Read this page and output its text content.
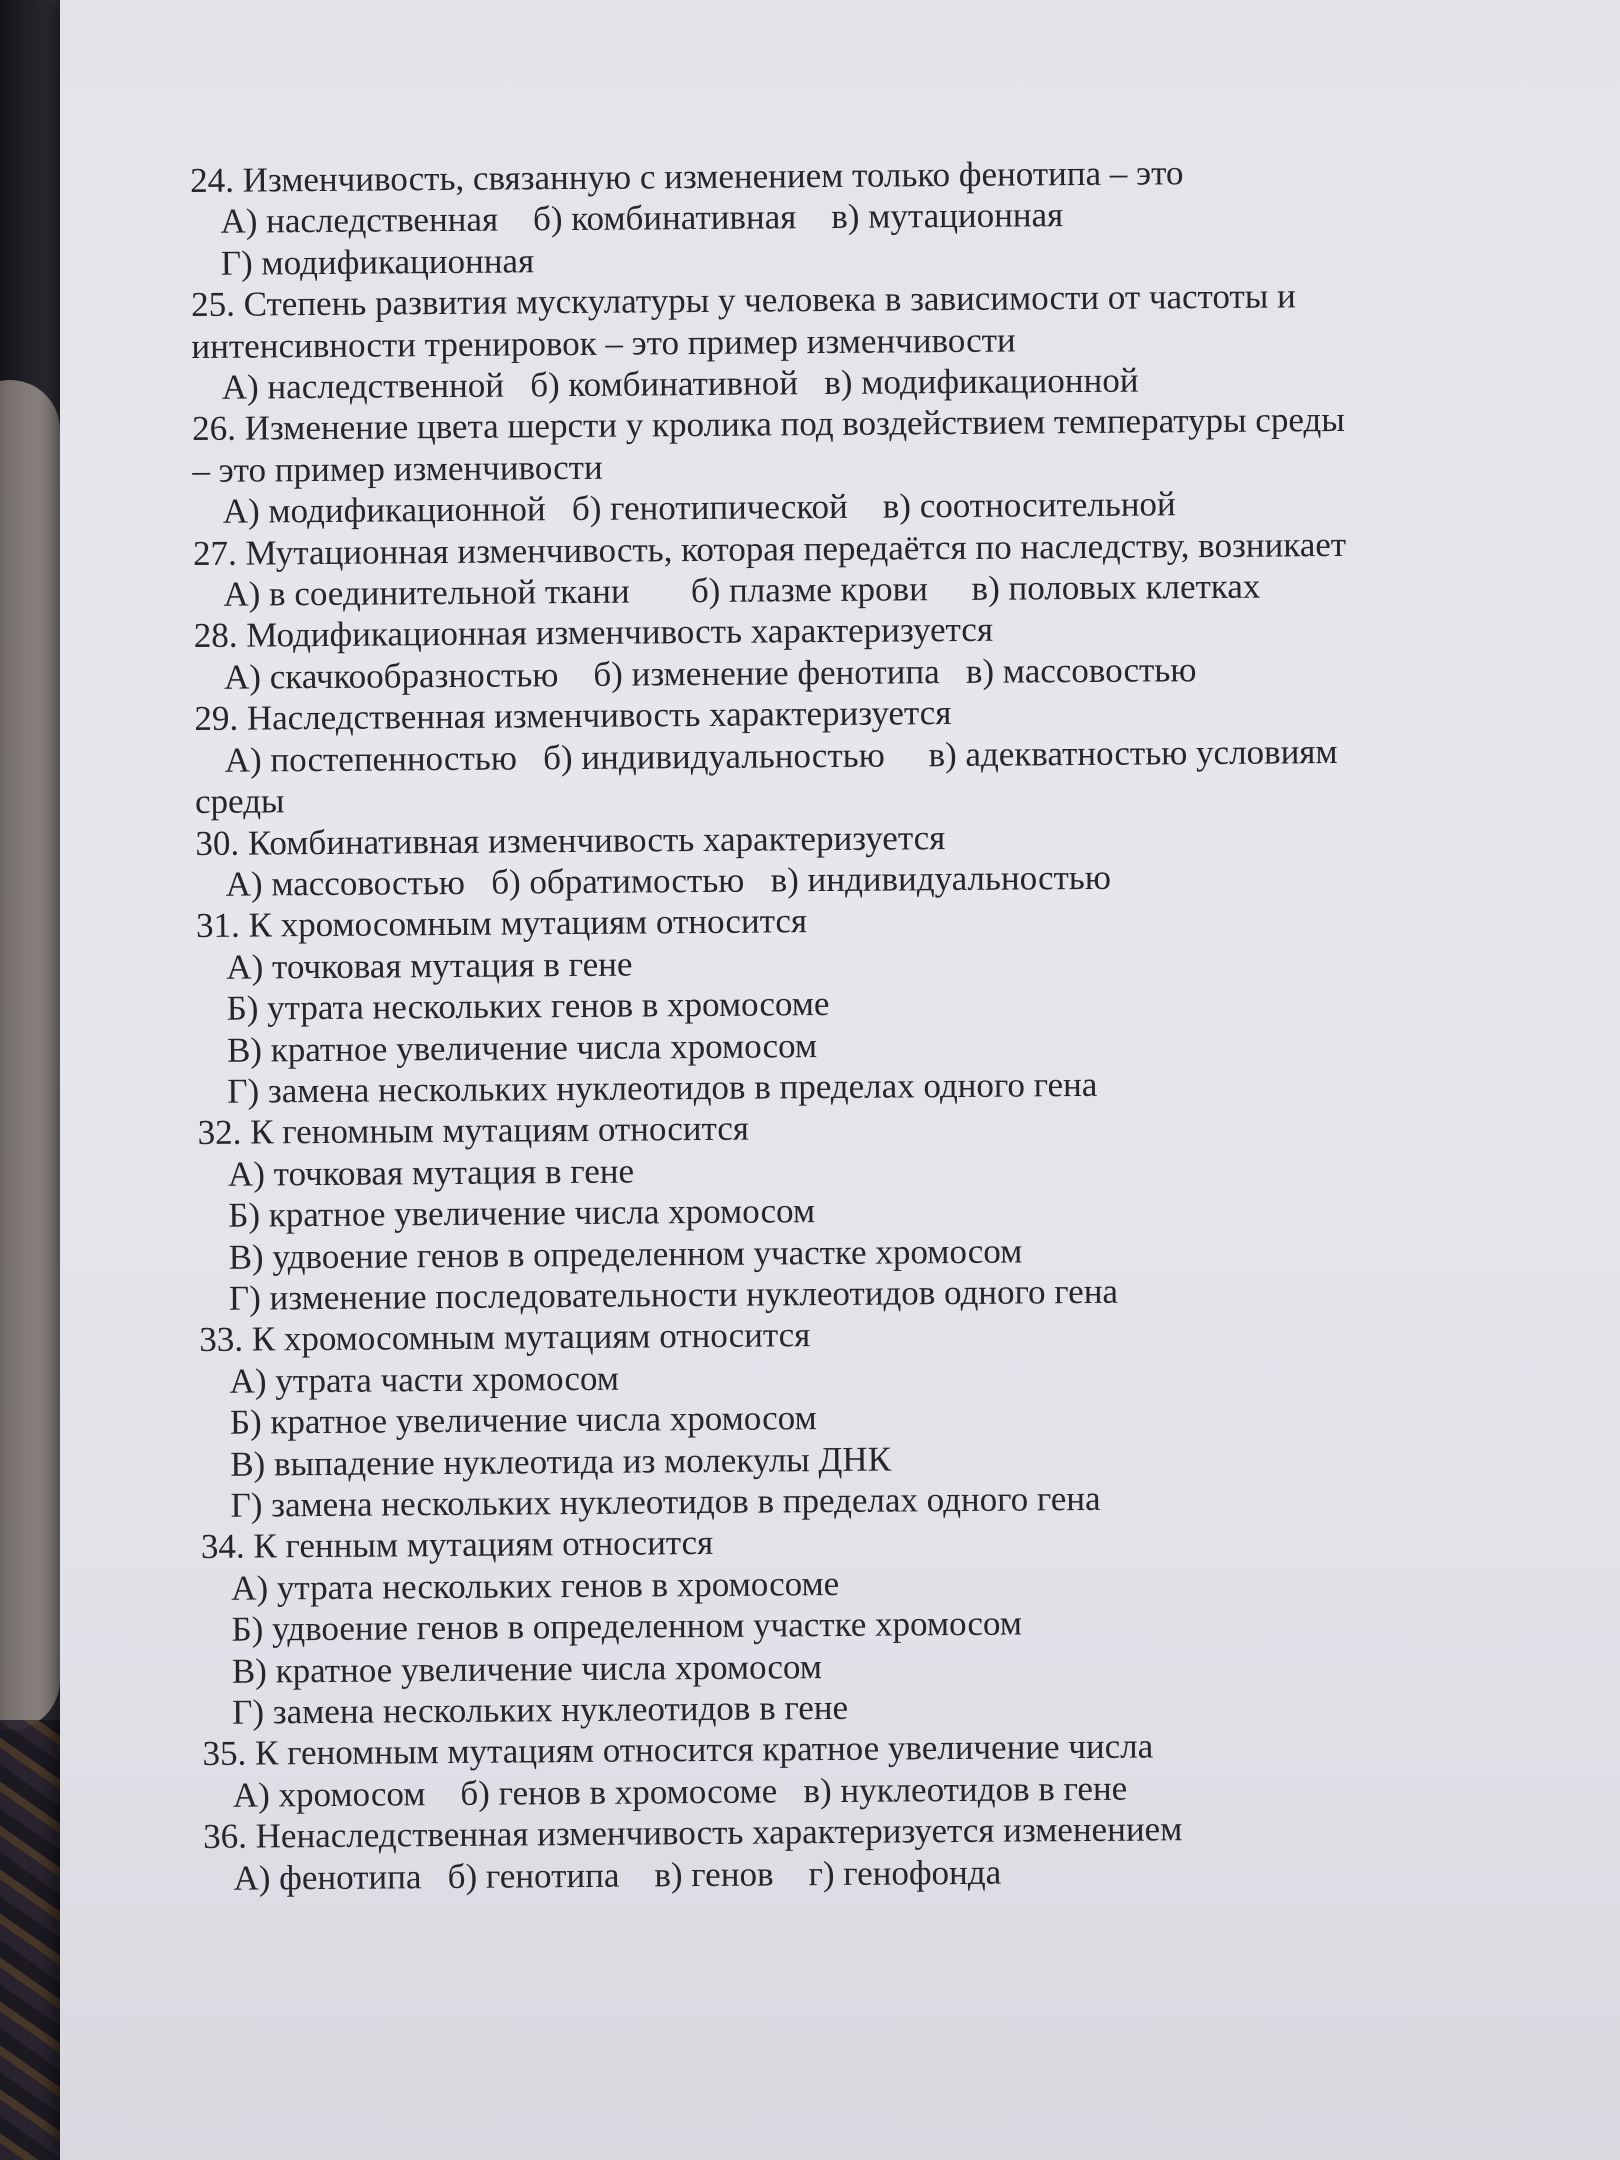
24. Изменчивость, связанную с изменением только фенотипа – это
А) наследственная    б) комбинативная    в) мутационная
Г) модификационная
25. Степень развития мускулатуры у человека в зависимости от частоты и
интенсивности тренировок – это пример изменчивости
А) наследственной   б) комбинативной   в) модификационной
26. Изменение цвета шерсти у кролика под воздействием температуры среды
– это пример изменчивости
А) модификационной   б) генотипической    в) соотносительной
27. Мутационная изменчивость, которая передаётся по наследству, возникает
А) в соединительной ткани       б) плазме крови     в) половых клетках
28. Модификационная изменчивость характеризуется
А) скачкообразностью    б) изменение фенотипа   в) массовостью
29. Наследственная изменчивость характеризуется
А) постепенностью   б) индивидуальностью     в) адекватностью условиям
среды
30. Комбинативная изменчивость характеризуется
А) массовостью   б) обратимостью   в) индивидуальностью
31. К хромосомным мутациям относится
А) точковая мутация в гене
Б) утрата нескольких генов в хромосоме
В) кратное увеличение числа хромосом
Г) замена нескольких нуклеотидов в пределах одного гена
32. К геномным мутациям относится
А) точковая мутация в гене
Б) кратное увеличение числа хромосом
В) удвоение генов в определенном участке хромосом
Г) изменение последовательности нуклеотидов одного гена
33. К хромосомным мутациям относится
А) утрата части хромосом
Б) кратное увеличение числа хромосом
В) выпадение нуклеотида из молекулы ДНК
Г) замена нескольких нуклеотидов в пределах одного гена
34. К генным мутациям относится
А) утрата нескольких генов в хромосоме
Б) удвоение генов в определенном участке хромосом
В) кратное увеличение числа хромосом
Г) замена нескольких нуклеотидов в гене
35. К геномным мутациям относится кратное увеличение числа
А) хромосом    б) генов в хромосоме   в) нуклеотидов в гене
36. Ненаследственная изменчивость характеризуется изменением
А) фенотипа   б) генотипа    в) генов    г) генофонда
